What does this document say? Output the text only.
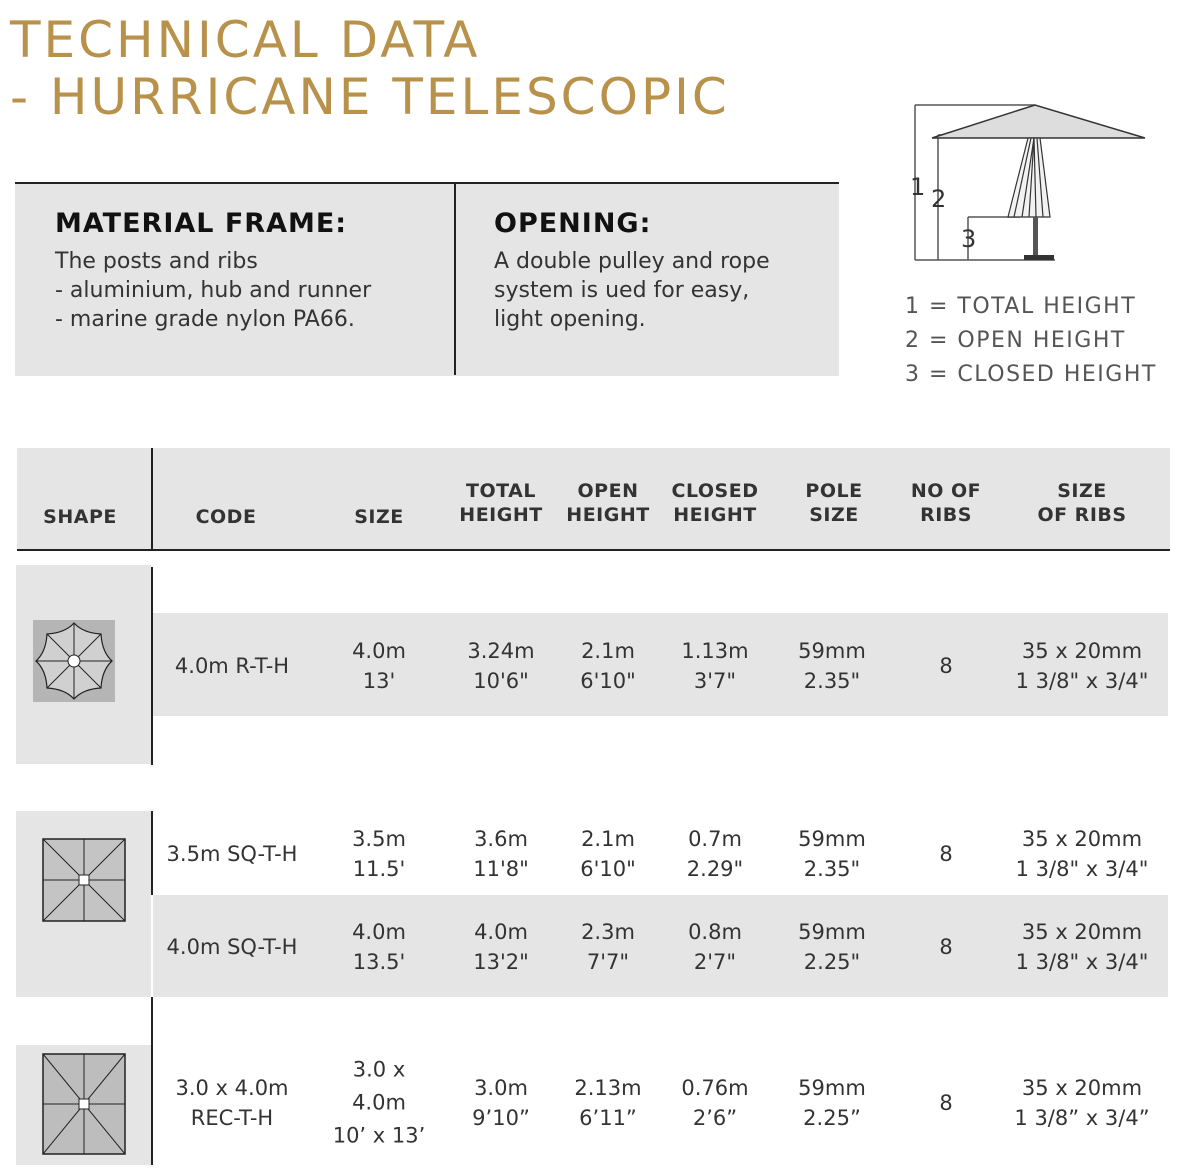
TECHNICAL DATA
- HURRICANE TELESCOPIC
MATERIAL FRAME:

The posts and ribs

- aluminium, hub and runner

- marine grade nylon PA66.

OPENING:

A double pulley and rope

system is ued for easy,

light opening.

1 2
3
1 = TOTAL HEIGHT
2 = OPEN HEIGHT
3 = CLOSED HEIGHT
SHAPE	CODE	SIZE
TOTAL
HEIGHT
OPEN
HEIGHT
CLOSED
HEIGHT
POLE
SIZE
NO OF
RIBS
SIZE
OF RIBS
4.0m R-T-H
4.0m
13'
3.24m
10'6"
2.1m
6'10"
1.13m
3'7"
59mm
2.35"
8
35 x 20mm
1 3/8" x 3/4"
3.5m SQ-T-H
3.5m
11.5'
3.6m
11'8"
2.1m
6'10"
0.7m
2.29"
59mm
2.35"
8
35 x 20mm
1 3/8" x 3/4"
4.0m SQ-T-H
4.0m
13.5'
4.0m
13'2"
2.3m
7'7"
0.8m
2'7"
59mm
2.25"
8
35 x 20mm
1 3/8" x 3/4"
3.0 x 4.0m
REC-T-H
3.0 x
4.0m
10’ x 13’
3.0m
9’10”
2.13m
6’11”
0.76m
2’6”
59mm
2.25”
8
35 x 20mm
1 3/8” x 3/4”
